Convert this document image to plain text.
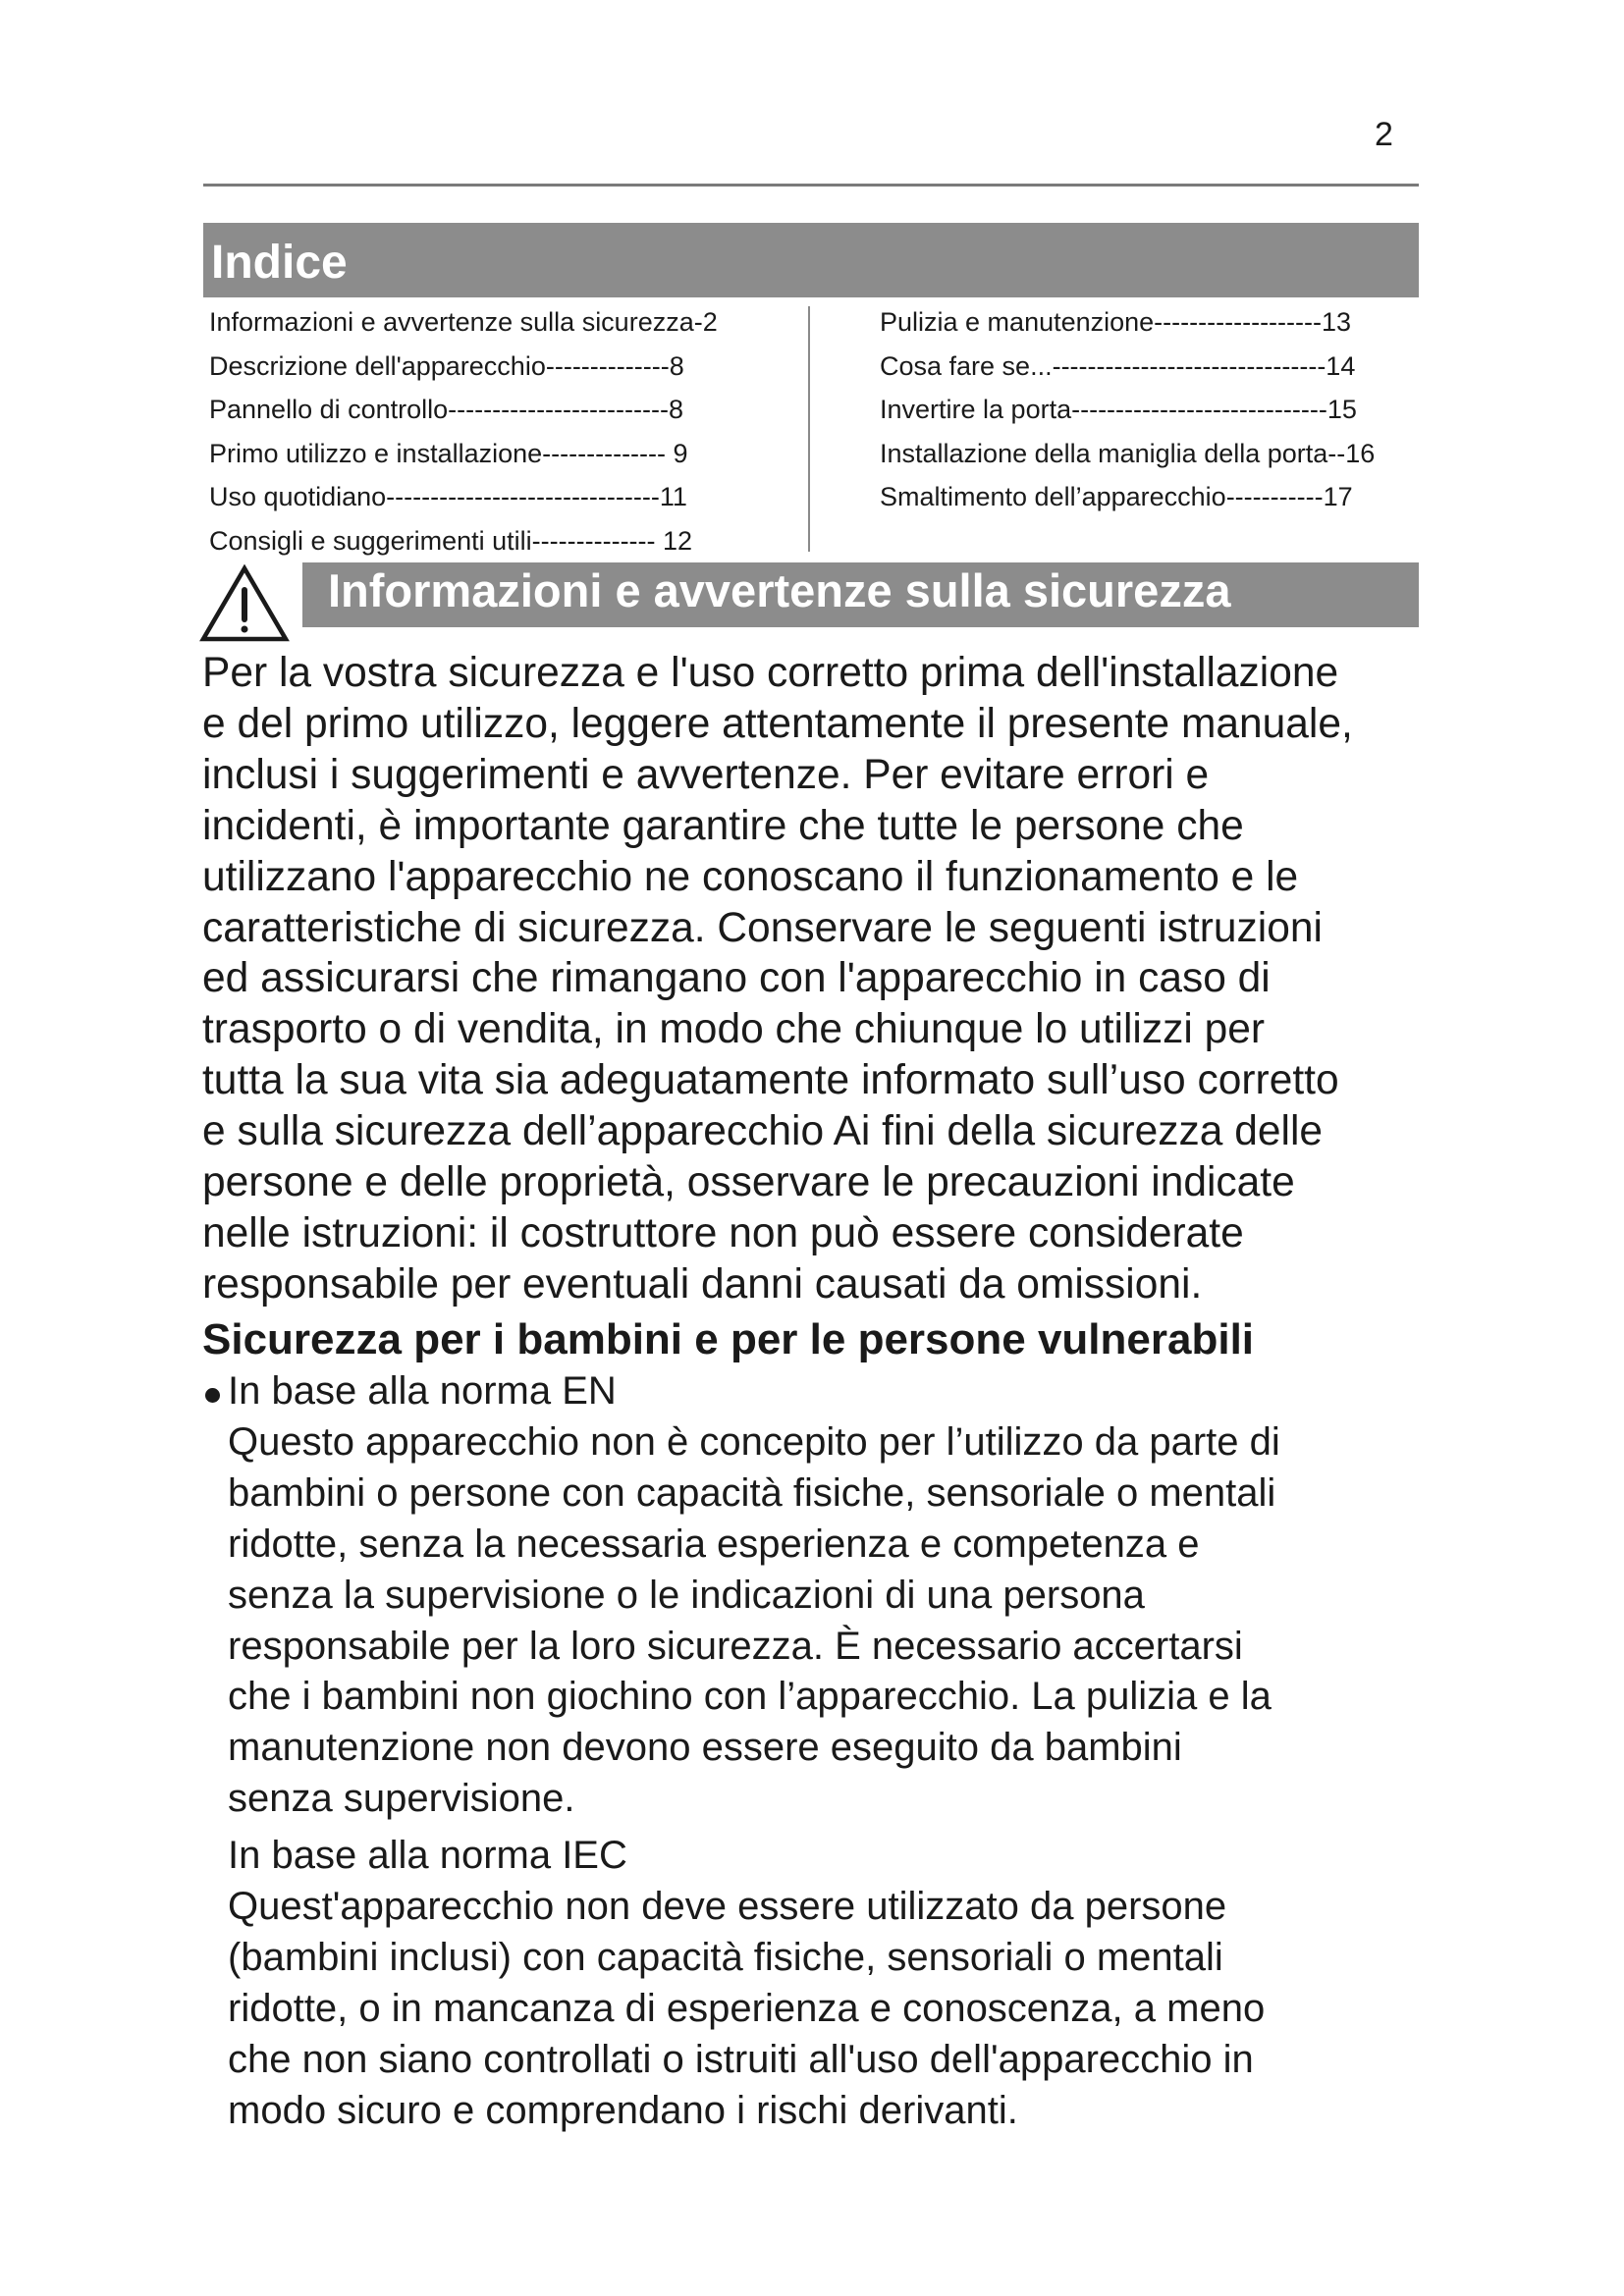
2
Indice
Informazioni e avvertenze sulla sicurezza-2
Descrizione dell'apparecchio--------------8
Pannello di controllo-------------------------8
Primo utilizzo e installazione-------------- 9
Uso quotidiano-------------------------------11
Consigli e suggerimenti utili-------------- 12
Pulizia e manutenzione-------------------13
Cosa fare se...-------------------------------14
Invertire la porta-----------------------------15
Installazione della maniglia della porta--16
Smaltimento dell’apparecchio-----------17
Informazioni e avvertenze sulla sicurezza

Per la vostra sicurezza e l'uso corretto prima dell'installazione
e del primo utilizzo, leggere attentamente il presente manuale,
inclusi i suggerimenti e avvertenze. Per evitare errori e
incidenti, è importante garantire che tutte le persone che
utilizzano l'apparecchio ne conoscano il funzionamento e le
caratteristiche di sicurezza. Conservare le seguenti istruzioni
ed assicurarsi che rimangano con l'apparecchio in caso di
trasporto o di vendita, in modo che chiunque lo utilizzi per
tutta la sua vita sia adeguatamente informato sull’uso corretto
e sulla sicurezza dell’apparecchio Ai fini della sicurezza delle
persone e delle proprietà, osservare le precauzioni indicate
nelle istruzioni: il costruttore non può essere considerate
responsabile per eventuali danni causati da omissioni.

Sicurezza per i bambini e per le persone vulnerabili
In base alla norma EN
Questo apparecchio non è concepito per l’utilizzo da parte di
bambini o persone con capacità fisiche, sensoriale o mentali
ridotte, senza la necessaria esperienza e competenza e
senza la supervisione o le indicazioni di una persona
responsabile per la loro sicurezza. È necessario accertarsi
che i bambini non giochino con l’apparecchio. La pulizia e la
manutenzione non devono essere eseguito da bambini
senza supervisione.
In base alla norma IEC
Quest'apparecchio non deve essere utilizzato da persone
(bambini inclusi) con capacità fisiche, sensoriali o mentali
ridotte, o in mancanza di esperienza e conoscenza, a meno
che non siano controllati o istruiti all'uso dell'apparecchio in
modo sicuro e comprendano i rischi derivanti.
